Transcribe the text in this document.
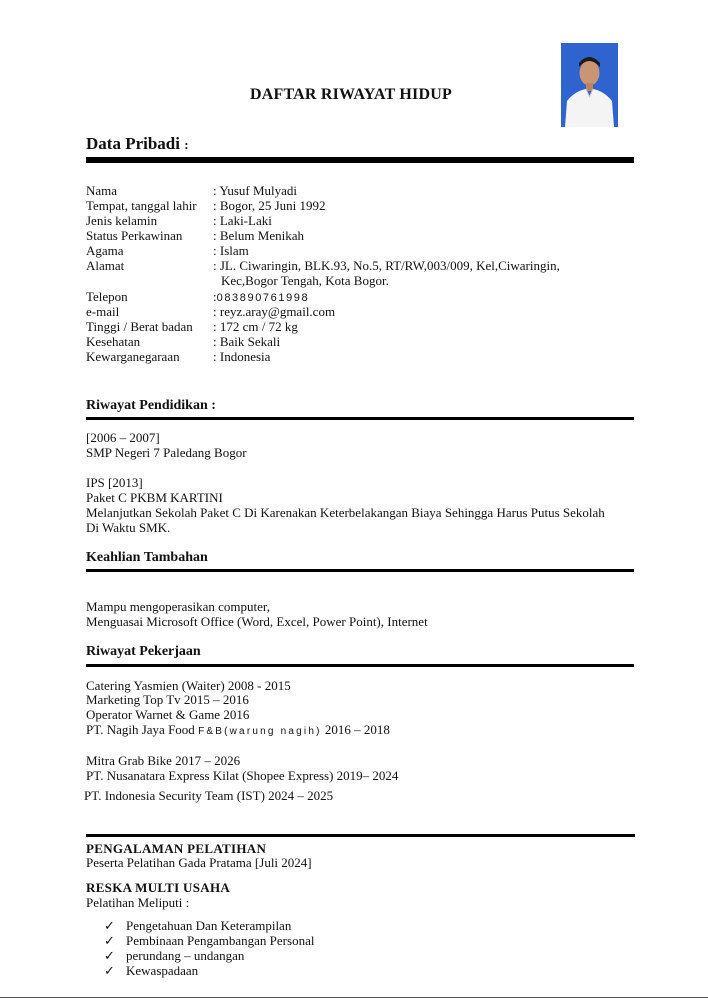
DAFTAR RIWAYAT HIDUP
Data Pribadi :
Nama	: Yusuf Mulyadi
Tempat, tanggal lahir : Bogor, 25 Juni 1992
Jenis kelamin	: Laki-Laki
Status Perkawinan : Belum Menikah
Agama	: Islam
Alamat	: JL. Ciwaringin, BLK.93, No.5, RT/RW,003/009, Kel,Ciwaringin,
Kec,Bogor Tengah, Kota Bogor.
Telepon	:083890761998
e-mail	: reyz.aray@gmail.com
Tinggi / Berat badan : 172 cm / 72 kg
Kesehatan	: Baik Sekali
Kewarganegaraan	: Indonesia
Riwayat Pendidikan :
[2006 – 2007]
SMP Negeri 7 Paledang Bogor
IPS [2013]
Paket C PKBM KARTINI
Melanjutkan Sekolah Paket C Di Karenakan Keterbelakangan Biaya Sehingga Harus Putus Sekolah
Di Waktu SMK.
Keahlian Tambahan
Mampu mengoperasikan computer,
Menguasai Microsoft Office (Word, Excel, Power Point), Internet
Riwayat Pekerjaan
Catering Yasmien (Waiter) 2008 - 2015
Marketing Top Tv 2015 – 2016
Operator Warnet & Game 2016
PT. Nagih Jaya Food F&B(warung nagih) 2016 – 2018
Mitra Grab Bike 2017 – 2026
PT. Nusanatara Express Kilat (Shopee Express) 2019– 2024
PT. Indonesia Security Team (IST) 2024 – 2025
PENGALAMAN PELATIHAN
Peserta Pelatihan Gada Pratama [Juli 2024]
RESKA MULTI USAHA
Pelatihan Meliputi :
✓ Pengetahuan Dan Keterampilan
✓ Pembinaan Pengambangan Personal
✓ perundang – undangan
✓ Kewaspadaan
